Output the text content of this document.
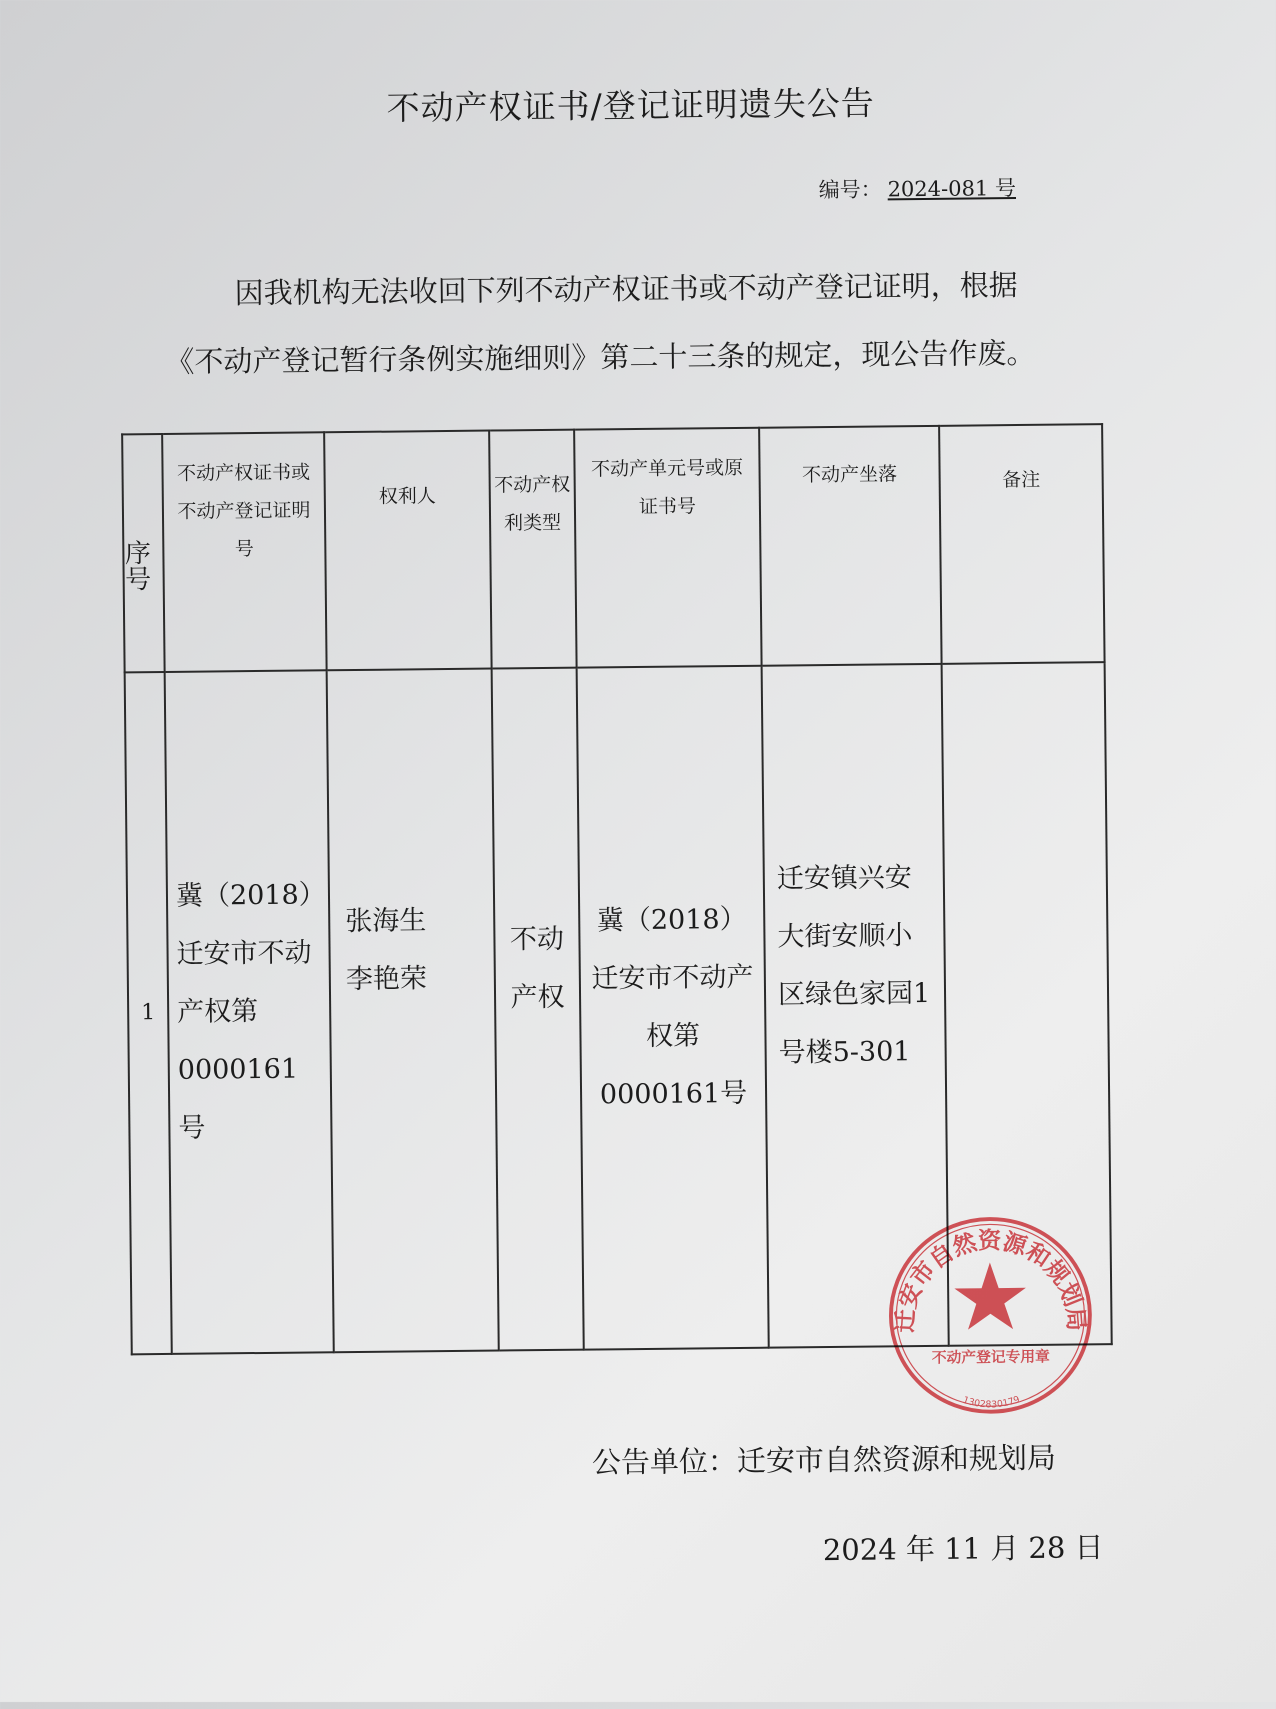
不动产权证书/登记证明遗失公告
编号： 2024-081 号

因我机构无法收回下列不动产权证书或不动产登记证明，根据

《不动产登记暂行条例实施细则》第二十三条的规定，现公告作废。

序号	不动产权证书或不动产登记证明号	权利人	不动产权利类型	不动产单元号或原证书号	不动产坐落	备注
1	冀（2018）迁安市不动产权第0000161号	张海生 李艳荣	不动产权	冀（2018）迁安市不动产权第0000161号	迁安镇兴安大街安顺小区绿色家园1号楼5-301	
迁安市自然资源和规划局
不动产登记专用章
1302830179
公告单位：迁安市自然资源和规划局
2024 年 11 月 28 日
